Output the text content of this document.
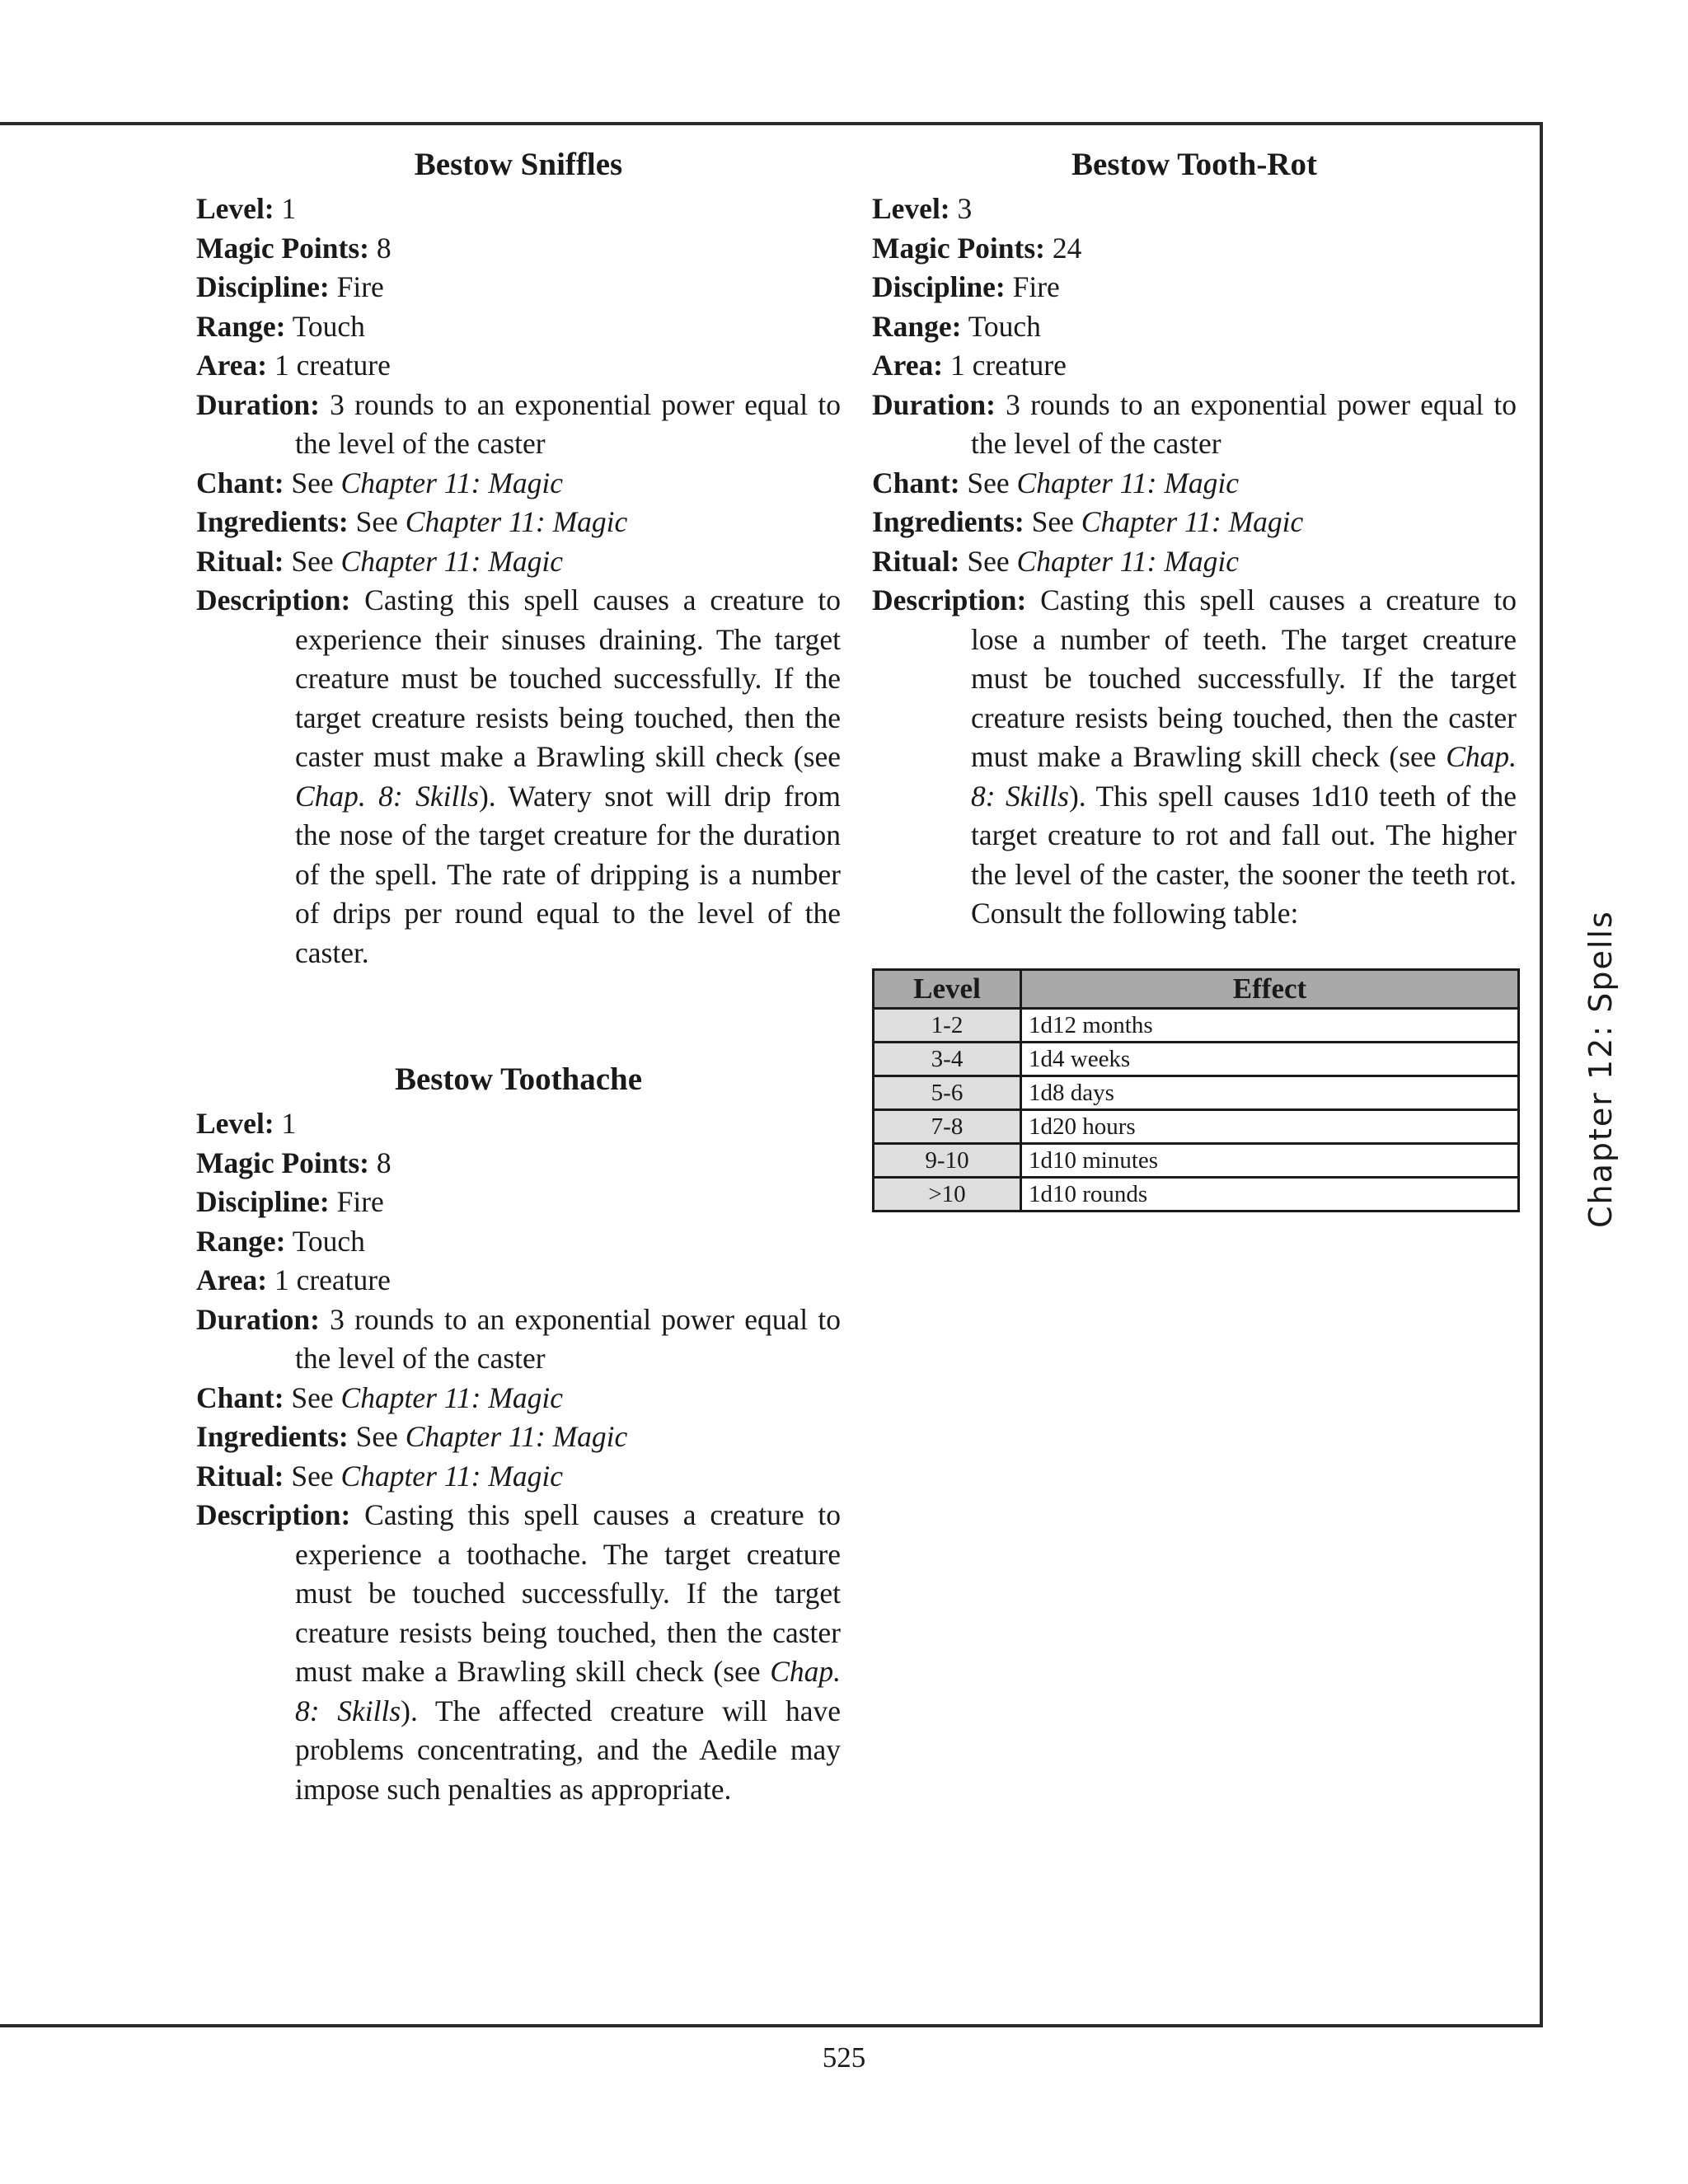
Bestow Sniffles

Level: 1

Magic Points: 8

Discipline: Fire

Range: Touch

Area: 1 creature

Duration: 3 rounds to an exponential power equal to the level of the caster

Chant: See Chapter 11: Magic

Ingredients: See Chapter 11: Magic

Ritual: See Chapter 11: Magic

Description: Casting this spell causes a creature to experience their sinuses draining. The target creature must be touched successfully. If the target creature resists being touched, then the caster must make a Brawling skill check (see Chap. 8: Skills). Watery snot will drip from the nose of the target creature for the duration of the spell. The rate of dripping is a number of drips per round equal to the level of the caster.

Bestow Toothache

Level: 1

Magic Points: 8

Discipline: Fire

Range: Touch

Area: 1 creature

Duration: 3 rounds to an exponential power equal to the level of the caster

Chant: See Chapter 11: Magic

Ingredients: See Chapter 11: Magic

Ritual: See Chapter 11: Magic

Description: Casting this spell causes a creature to experience a toothache. The target creature must be touched successfully. If the target creature resists being touched, then the caster must make a Brawling skill check (see Chap. 8: Skills). The affected creature will have problems concentrating, and the Aedile may impose such penalties as appropriate.

Bestow Tooth-Rot

Level: 3

Magic Points: 24

Discipline: Fire

Range: Touch

Area: 1 creature

Duration: 3 rounds to an exponential power equal to the level of the caster

Chant: See Chapter 11: Magic

Ingredients: See Chapter 11: Magic

Ritual: See Chapter 11: Magic

Description: Casting this spell causes a creature to lose a number of teeth. The target creature must be touched successfully. If the target creature resists being touched, then the caster must make a Brawling skill check (see Chap. 8: Skills). This spell causes 1d10 teeth of the target creature to rot and fall out. The higher the level of the caster, the sooner the teeth rot. Consult the following table:

Level	Effect
1-2	1d12 months
3-4	1d4 weeks
5-6	1d8 days
7-8	1d20 hours
9-10	1d10 minutes
>10	1d10 rounds	Chapter 12: Spells
525
